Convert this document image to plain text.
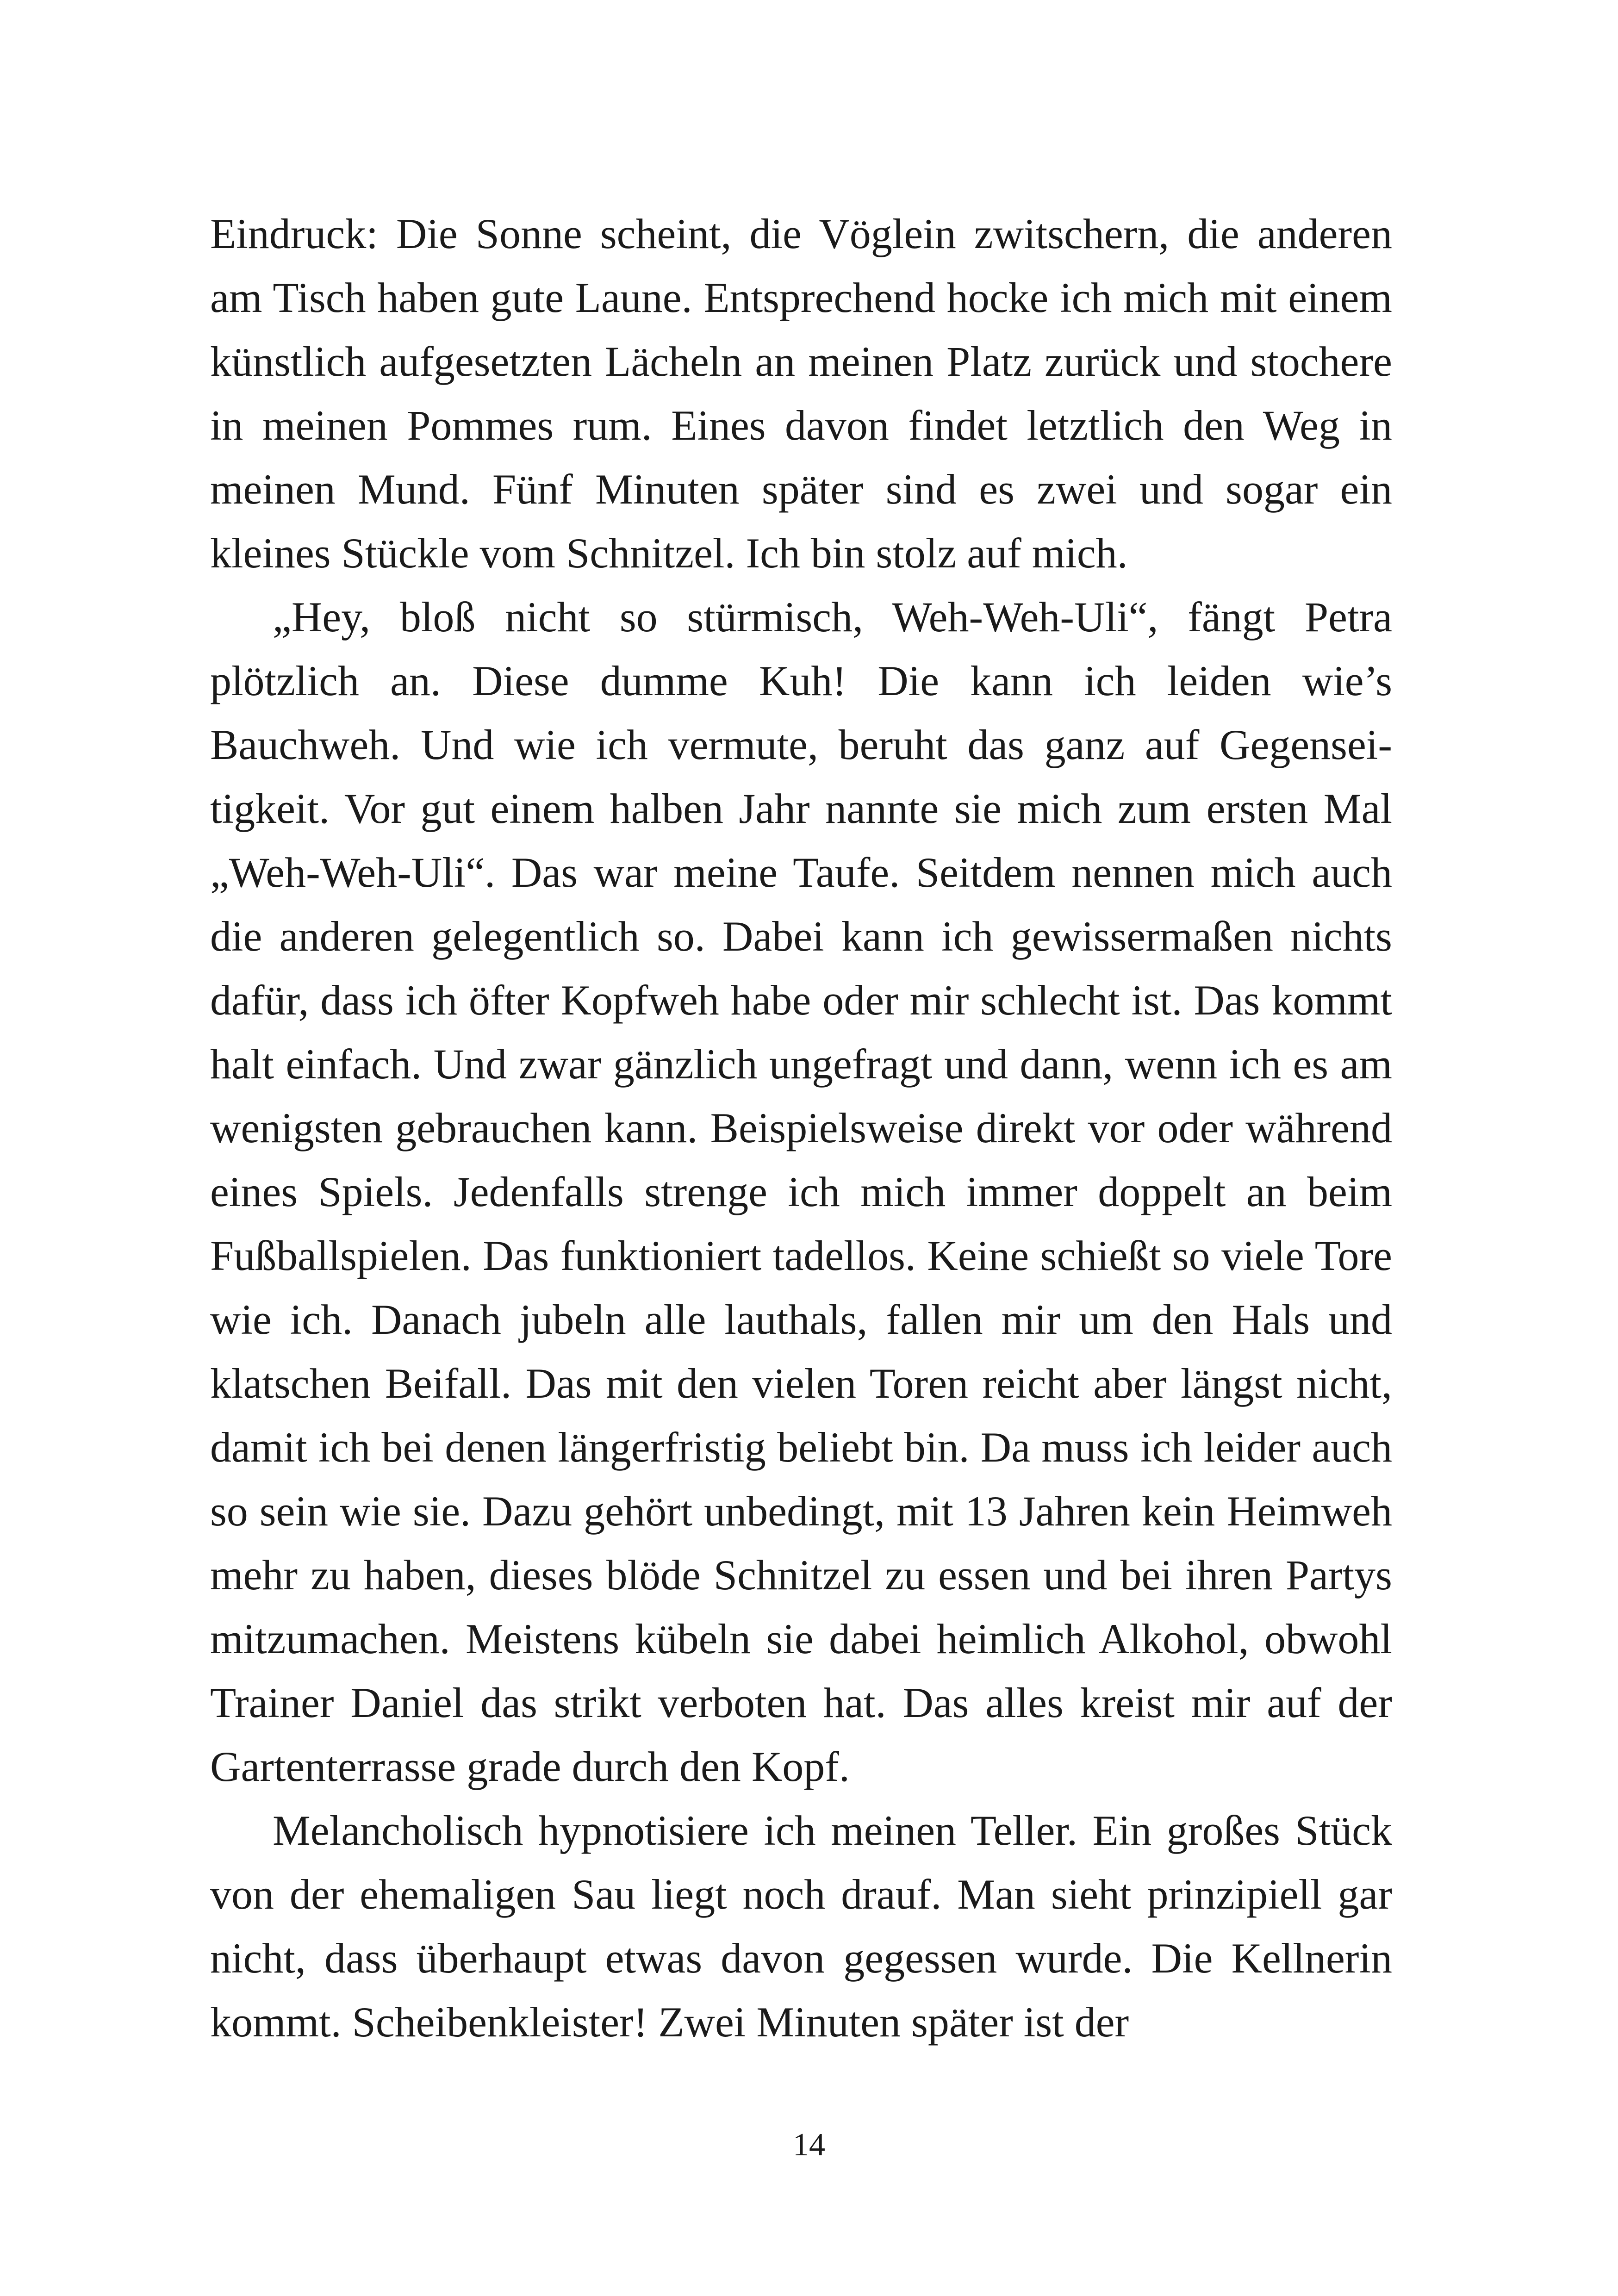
Eindruck: Die Sonne scheint, die Vöglein zwitschern, die anderen am Tisch haben gute Laune. Entsprechend hocke ich mich mit einem künstlich aufgesetzten Lächeln an meinen Platz zurück und stochere in meinen Pommes rum. Eines davon findet letztlich den Weg in meinen Mund. Fünf Minuten später sind es zwei und sogar ein kleines Stückle vom Schnitzel. Ich bin stolz auf mich.

„Hey, bloß nicht so stürmisch, Weh-Weh-Uli“, fängt Petra plötzlich an. Diese dumme Kuh! Die kann ich leiden wie’s Bauchweh. Und wie ich vermute, beruht das ganz auf Gegenseitigkeit. Vor gut einem halben Jahr nannte sie mich zum ersten Mal „Weh-Weh-Uli“. Das war meine Taufe. Seitdem nennen mich auch die anderen gelegentlich so. Dabei kann ich gewissermaßen nichts dafür, dass ich öfter Kopfweh habe oder mir schlecht ist. Das kommt halt einfach. Und zwar gänzlich ungefragt und dann, wenn ich es am wenigsten gebrauchen kann. Beispielsweise direkt vor oder während eines Spiels. Jedenfalls strenge ich mich immer doppelt an beim Fußballspielen. Das funktioniert tadellos. Keine schießt so viele Tore wie ich. Danach jubeln alle lauthals, fallen mir um den Hals und klatschen Beifall. Das mit den vielen Toren reicht aber längst nicht, damit ich bei denen längerfristig beliebt bin. Da muss ich leider auch so sein wie sie. Dazu gehört unbedingt, mit 13 Jahren kein Heimweh mehr zu haben, dieses blöde Schnitzel zu essen und bei ihren Partys mitzumachen. Meistens kübeln sie dabei heimlich Alkohol, obwohl Trainer Daniel das strikt verboten hat. Das alles kreist mir auf der Gartenterrasse grade durch den Kopf.

Melancholisch hypnotisiere ich meinen Teller. Ein großes Stück von der ehemaligen Sau liegt noch drauf. Man sieht prinzipiell gar nicht, dass überhaupt etwas davon gegessen wurde. Die Kellnerin kommt. Scheibenkleister! Zwei Minuten später ist der

14
